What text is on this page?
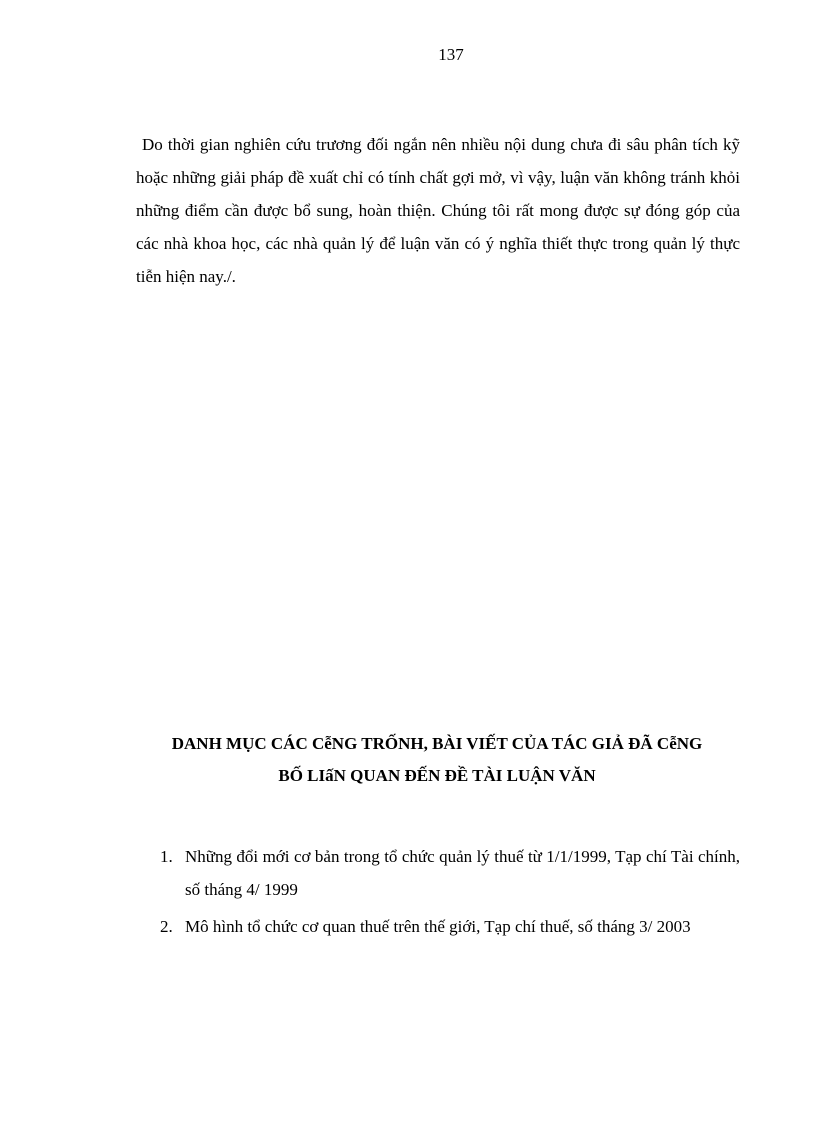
137

Do thời gian nghiên cứu trương đối ngắn nên nhiều nội dung chưa đi sâu phân tích kỹ hoặc những giải pháp đề xuất chỉ có tính chất gợi mở, vì vậy, luận văn không tránh khỏi những điểm cần được bổ sung, hoàn thiện. Chúng tôi rất mong được sự đóng góp của các nhà khoa học, các nhà quản lý để luận văn có ý nghĩa thiết thực trong quản lý thực tiễn hiện nay./.

DANH MỤC CÁC CễNG TRỐNH, BÀI VIẾT CỦA TÁC GIẢ ĐÃ CễNG
BỐ LIấN QUAN ĐẾN ĐỀ TÀI LUẬN VĂN
1. Những đổi mới cơ bản trong tổ chức quản lý thuế từ 1/1/1999, Tạp chí Tài chính, số tháng 4/ 1999
2. Mô hình tổ chức cơ quan thuế trên thế giới, Tạp chí thuế, số tháng 3/ 2003
